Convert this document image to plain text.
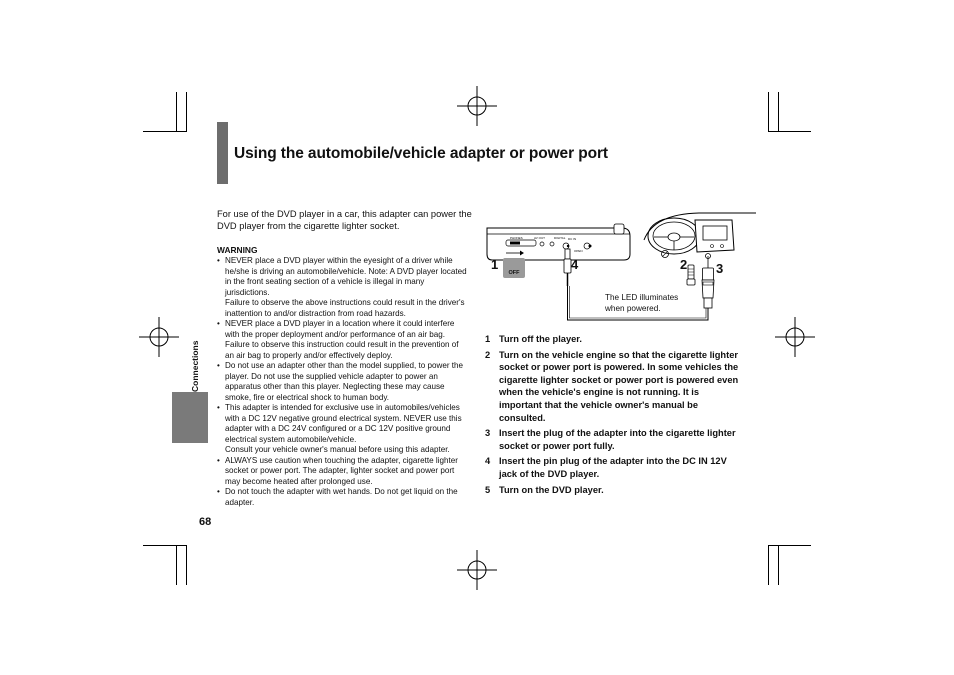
Using the automobile/vehicle adapter or power port
Connections
68
For use of the DVD player in a car, this adapter can power the DVD player from the cigarette lighter socket.
WARNING
• NEVER place a DVD player within the eyesight of a driver while he/she is driving an automobile/vehicle. Note: A DVD player located in the front seating section of a vehicle is illegal in many jurisdictions.
Failure to observe the above instructions could result in the driver's inattention to and/or distraction from road hazards.
• NEVER place a DVD player in a location where it could interfere with the proper deployment and/or performance of an air bag.
Failure to observe this instruction could result in the prevention of an air bag to properly and/or effectively deploy.
• Do not use an adapter other than the model supplied, to power the player. Do not use the supplied vehicle adapter to power an apparatus other than this player. Neglecting these may cause smoke, fire or electrical shock to human body.
• This adapter is intended for exclusive use in automobiles/vehicles with a DC 12V negative ground electrical system. NEVER use this adapter with a DC 24V configured or a DC 12V positive ground electrical system automobile/vehicle.
Consult your vehicle owner's manual before using this adapter.
• ALWAYS use caution when touching the adapter, cigarette lighter socket or power port. The adapter, lighter socket and power port may become heated after prolonged use.
• Do not touch the adapter with wet hands. Do not get liquid on the adapter.
PHONES	AV OUT	DIGITAL DC IN
OPEN
1
OFF
4	2 3
The LED illuminates
when powered.
1 Turn off the player.
2 Turn on the vehicle engine so that the cigarette lighter socket or power port is powered. In some vehicles the cigarette lighter socket or power port is powered even when the vehicle's engine is not running. It is important that the vehicle owner's manual be consulted.
3 Insert the plug of the adapter into the cigarette lighter socket or power port fully.
4 Insert the pin plug of the adapter into the DC IN 12V jack of the DVD player.
5 Turn on the DVD player.
